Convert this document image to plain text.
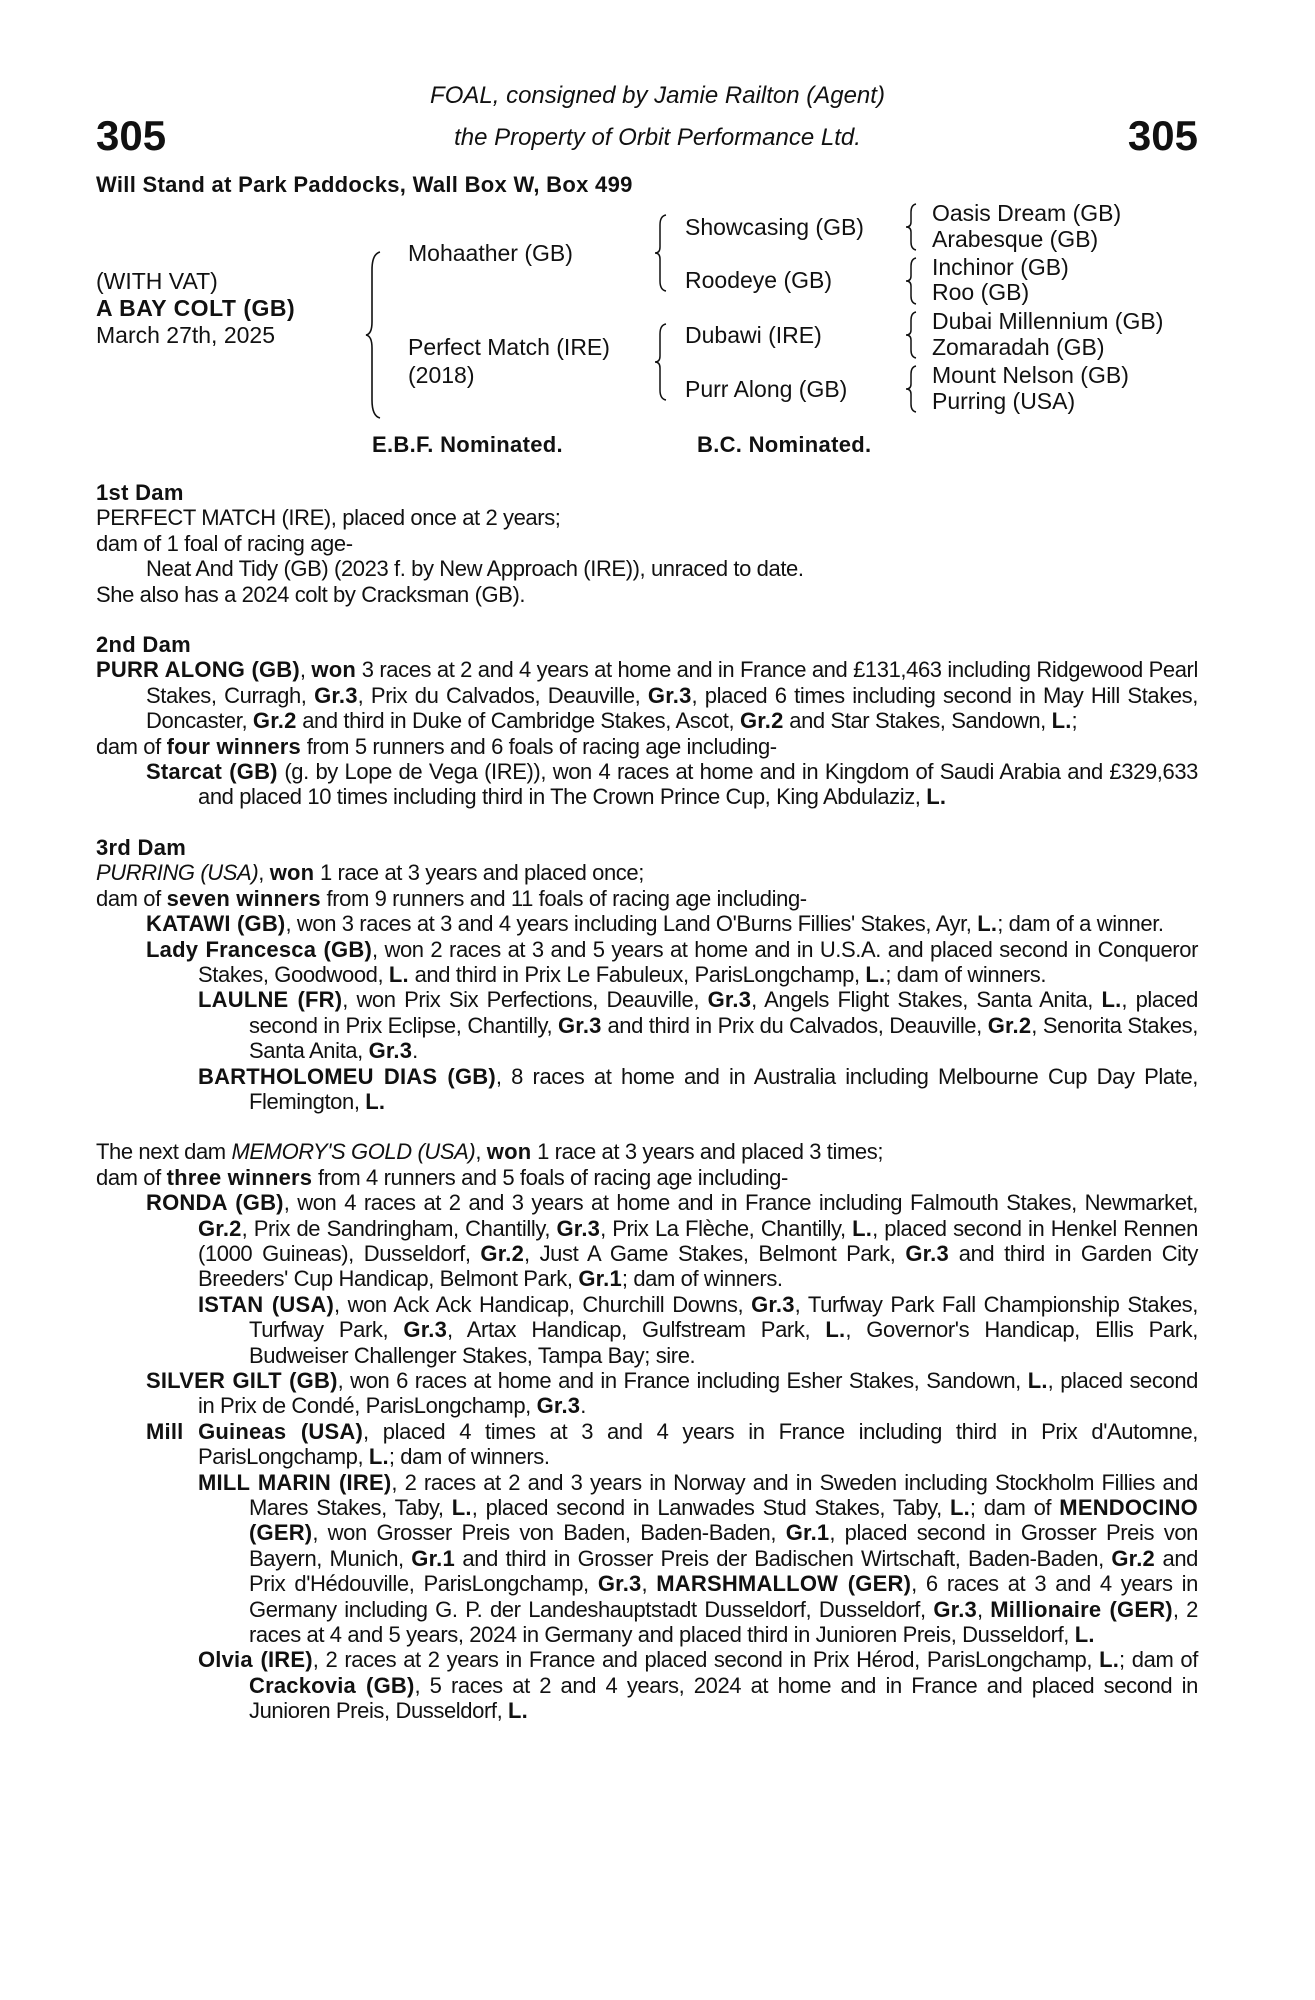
305	305
FOAL, consigned by Jamie Railton (Agent)
the Property of Orbit Performance Ltd.
Will Stand at Park Paddocks, Wall Box W, Box 499
(WITH VAT)
A BAY COLT (GB)
March 27th, 2025
Mohaather (GB)
Perfect Match (IRE)
(2018)
Showcasing (GB)
Roodeye (GB)
Dubawi (IRE)
Purr Along (GB)
Oasis Dream (GB)
Arabesque (GB)
Inchinor (GB)
Roo (GB)
Dubai Millennium (GB)
Zomaradah (GB)
Mount Nelson (GB)
Purring (USA)
E.B.F. Nominated.	B.C. Nominated.
1st Dam
PERFECT MATCH (IRE), placed once at 2 years;
dam of 1 foal of racing age-
Neat And Tidy (GB) (2023 f. by New Approach (IRE)), unraced to date.
She also has a 2024 colt by Cracksman (GB).
2nd Dam
PURR ALONG (GB), won 3 races at 2 and 4 years at home and in France and £131,463 including Ridgewood Pearl Stakes, Curragh, Gr.3, Prix du Calvados, Deauville, Gr.3, placed 6 times including second in May Hill Stakes, Doncaster, Gr.2 and third in Duke of Cambridge Stakes, Ascot, Gr.2 and Star Stakes, Sandown, L.;
dam of four winners from 5 runners and 6 foals of racing age including-
Starcat (GB) (g. by Lope de Vega (IRE)), won 4 races at home and in Kingdom of Saudi Arabia and £329,633 and placed 10 times including third in The Crown Prince Cup, King Abdulaziz, L.
3rd Dam
PURRING (USA), won 1 race at 3 years and placed once;
dam of seven winners from 9 runners and 11 foals of racing age including-
KATAWI (GB), won 3 races at 3 and 4 years including Land O'Burns Fillies' Stakes, Ayr, L.; dam of a winner.
Lady Francesca (GB), won 2 races at 3 and 5 years at home and in U.S.A. and placed second in Conqueror Stakes, Goodwood, L. and third in Prix Le Fabuleux, ParisLongchamp, L.; dam of winners.
LAULNE (FR), won Prix Six Perfections, Deauville, Gr.3, Angels Flight Stakes, Santa Anita, L., placed second in Prix Eclipse, Chantilly, Gr.3 and third in Prix du Calvados, Deauville, Gr.2, Senorita Stakes, Santa Anita, Gr.3.
BARTHOLOMEU DIAS (GB), 8 races at home and in Australia including Melbourne Cup Day Plate, Flemington, L.
The next dam MEMORY'S GOLD (USA), won 1 race at 3 years and placed 3 times;
dam of three winners from 4 runners and 5 foals of racing age including-
RONDA (GB), won 4 races at 2 and 3 years at home and in France including Falmouth Stakes, Newmarket, Gr.2, Prix de Sandringham, Chantilly, Gr.3, Prix La Flèche, Chantilly, L., placed second in Henkel Rennen (1000 Guineas), Dusseldorf, Gr.2, Just A Game Stakes, Belmont Park, Gr.3 and third in Garden City Breeders' Cup Handicap, Belmont Park, Gr.1; dam of winners.
ISTAN (USA), won Ack Ack Handicap, Churchill Downs, Gr.3, Turfway Park Fall Championship Stakes, Turfway Park, Gr.3, Artax Handicap, Gulfstream Park, L., Governor's Handicap, Ellis Park, Budweiser Challenger Stakes, Tampa Bay; sire.
SILVER GILT (GB), won 6 races at home and in France including Esher Stakes, Sandown, L., placed second in Prix de Condé, ParisLongchamp, Gr.3.
Mill Guineas (USA), placed 4 times at 3 and 4 years in France including third in Prix d'Automne, ParisLongchamp, L.; dam of winners.
MILL MARIN (IRE), 2 races at 2 and 3 years in Norway and in Sweden including Stockholm Fillies and Mares Stakes, Taby, L., placed second in Lanwades Stud Stakes, Taby, L.; dam of MENDOCINO (GER), won Grosser Preis von Baden, Baden-Baden, Gr.1, placed second in Grosser Preis von Bayern, Munich, Gr.1 and third in Grosser Preis der Badischen Wirtschaft, Baden-Baden, Gr.2 and Prix d'Hédouville, ParisLongchamp, Gr.3, MARSHMALLOW (GER), 6 races at 3 and 4 years in Germany including G. P. der Landeshauptstadt Dusseldorf, Dusseldorf, Gr.3, Millionaire (GER), 2 races at 4 and 5 years, 2024 in Germany and placed third in Junioren Preis, Dusseldorf, L.
Olvia (IRE), 2 races at 2 years in France and placed second in Prix Hérod, ParisLongchamp, L.; dam of Crackovia (GB), 5 races at 2 and 4 years, 2024 at home and in France and placed second in Junioren Preis, Dusseldorf, L.
